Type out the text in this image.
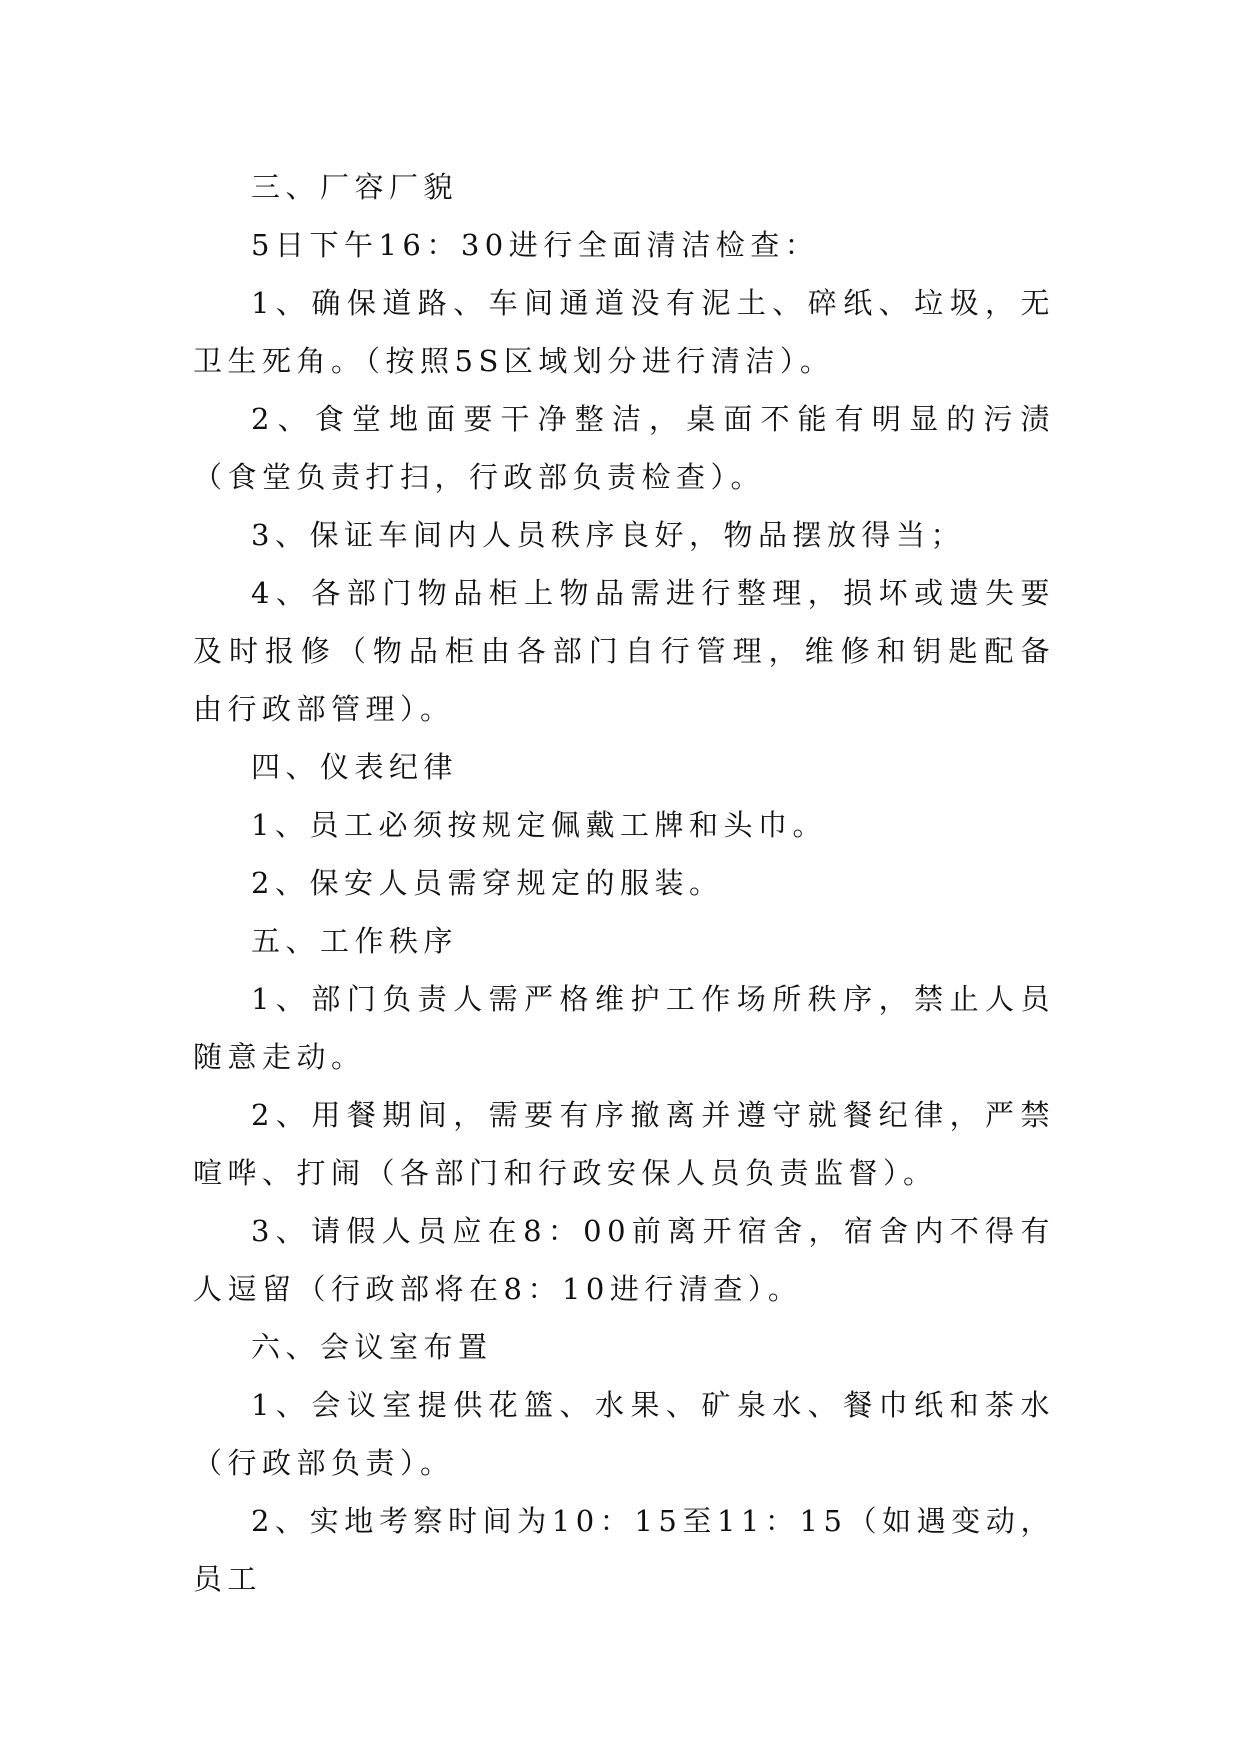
三、厂容厂貌

5日下午16：30进行全面清洁检查：

1、确保道路、车间通道没有泥土、碎纸、垃圾，无卫生死角。（按照5S区域划分进行清洁）。

2、食堂地面要干净整洁，桌面不能有明显的污渍（食堂负责打扫，行政部负责检查）。

3、保证车间内人员秩序良好，物品摆放得当；

4、各部门物品柜上物品需进行整理，损坏或遗失要及时报修（物品柜由各部门自行管理，维修和钥匙配备由行政部管理）。

四、仪表纪律

1、员工必须按规定佩戴工牌和头巾。

2、保安人员需穿规定的服装。

五、工作秩序

1、部门负责人需严格维护工作场所秩序，禁止人员随意走动。

2、用餐期间，需要有序撤离并遵守就餐纪律，严禁喧哗、打闹（各部门和行政安保人员负责监督）。

3、请假人员应在8：00前离开宿舍，宿舍内不得有人逗留（行政部将在8：10进行清查）。

六、会议室布置

1、会议室提供花篮、水果、矿泉水、餐巾纸和茶水（行政部负责）。

2、实地考察时间为10：15至11：15（如遇变动，员工
